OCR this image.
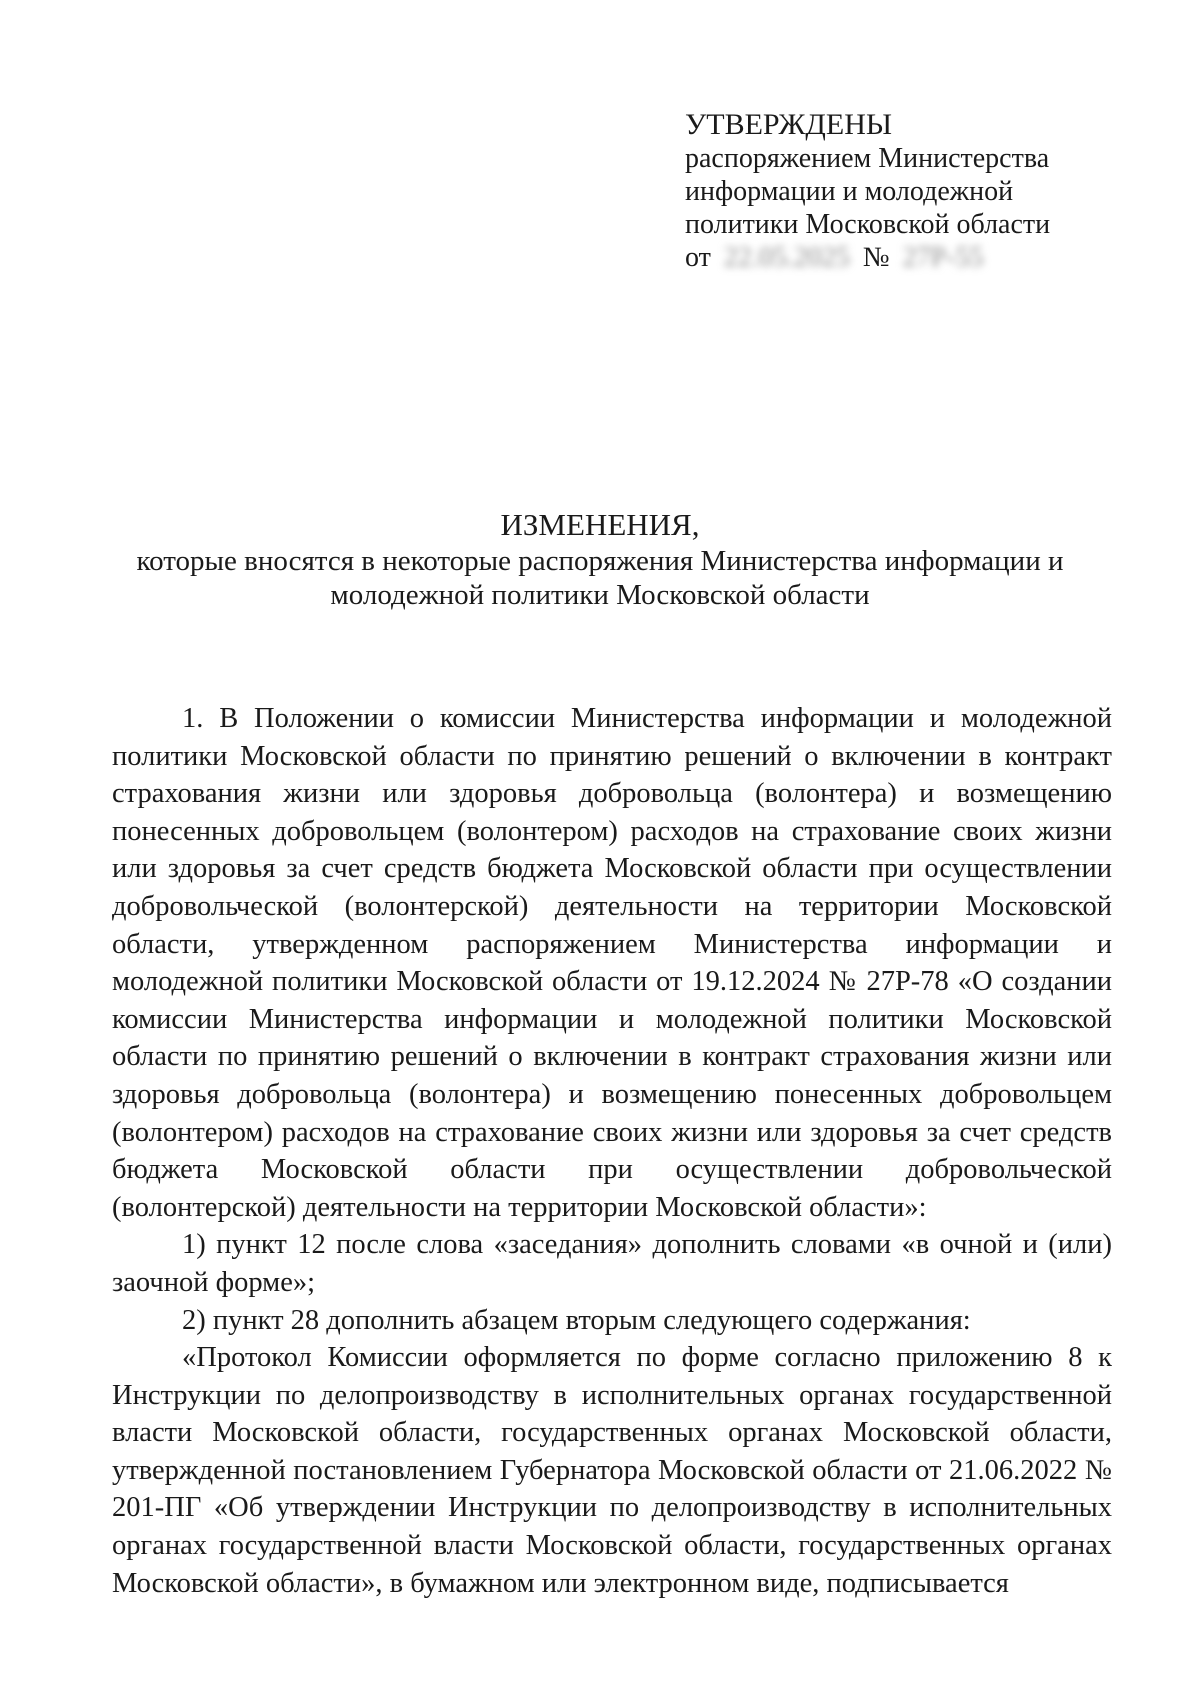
УТВЕРЖДЕНЫ
распоряжением Министерства
информации и молодежной
политики Московской области
от 22.05.2025 № 27Р-55
ИЗМЕНЕНИЯ,
которые вносятся в некоторые распоряжения Министерства информации и молодежной политики Московской области

1. В Положении о комиссии Министерства информации и молодежной политики Московской области по принятию решений о включении в контракт страхования жизни или здоровья добровольца (волонтера) и возмещению понесенных добровольцем (волонтером) расходов на страхование своих жизни или здоровья за счет средств бюджета Московской области при осуществлении добровольческой (волонтерской) деятельности на территории Московской области, утвержденном распоряжением Министерства информации и молодежной политики Московской области от 19.12.2024 № 27Р-78 «О создании комиссии Министерства информации и молодежной политики Московской области по принятию решений о включении в контракт страхования жизни или здоровья добровольца (волонтера) и возмещению понесенных добровольцем (волонтером) расходов на страхование своих жизни или здоровья за счет средств бюджета Московской области при осуществлении добровольческой (волонтерской) деятельности на территории Московской области»:

1) пункт 12 после слова «заседания» дополнить словами «в очной и (или) заочной форме»;

2) пункт 28 дополнить абзацем вторым следующего содержания:

«Протокол Комиссии оформляется по форме согласно приложению 8 к Инструкции по делопроизводству в исполнительных органах государственной власти Московской области, государственных органах Московской области, утвержденной постановлением Губернатора Московской области от 21.06.2022 № 201-ПГ «Об утверждении Инструкции по делопроизводству в исполнительных органах государственной власти Московской области, государственных органах Московской области», в бумажном или электронном виде, подписывается
